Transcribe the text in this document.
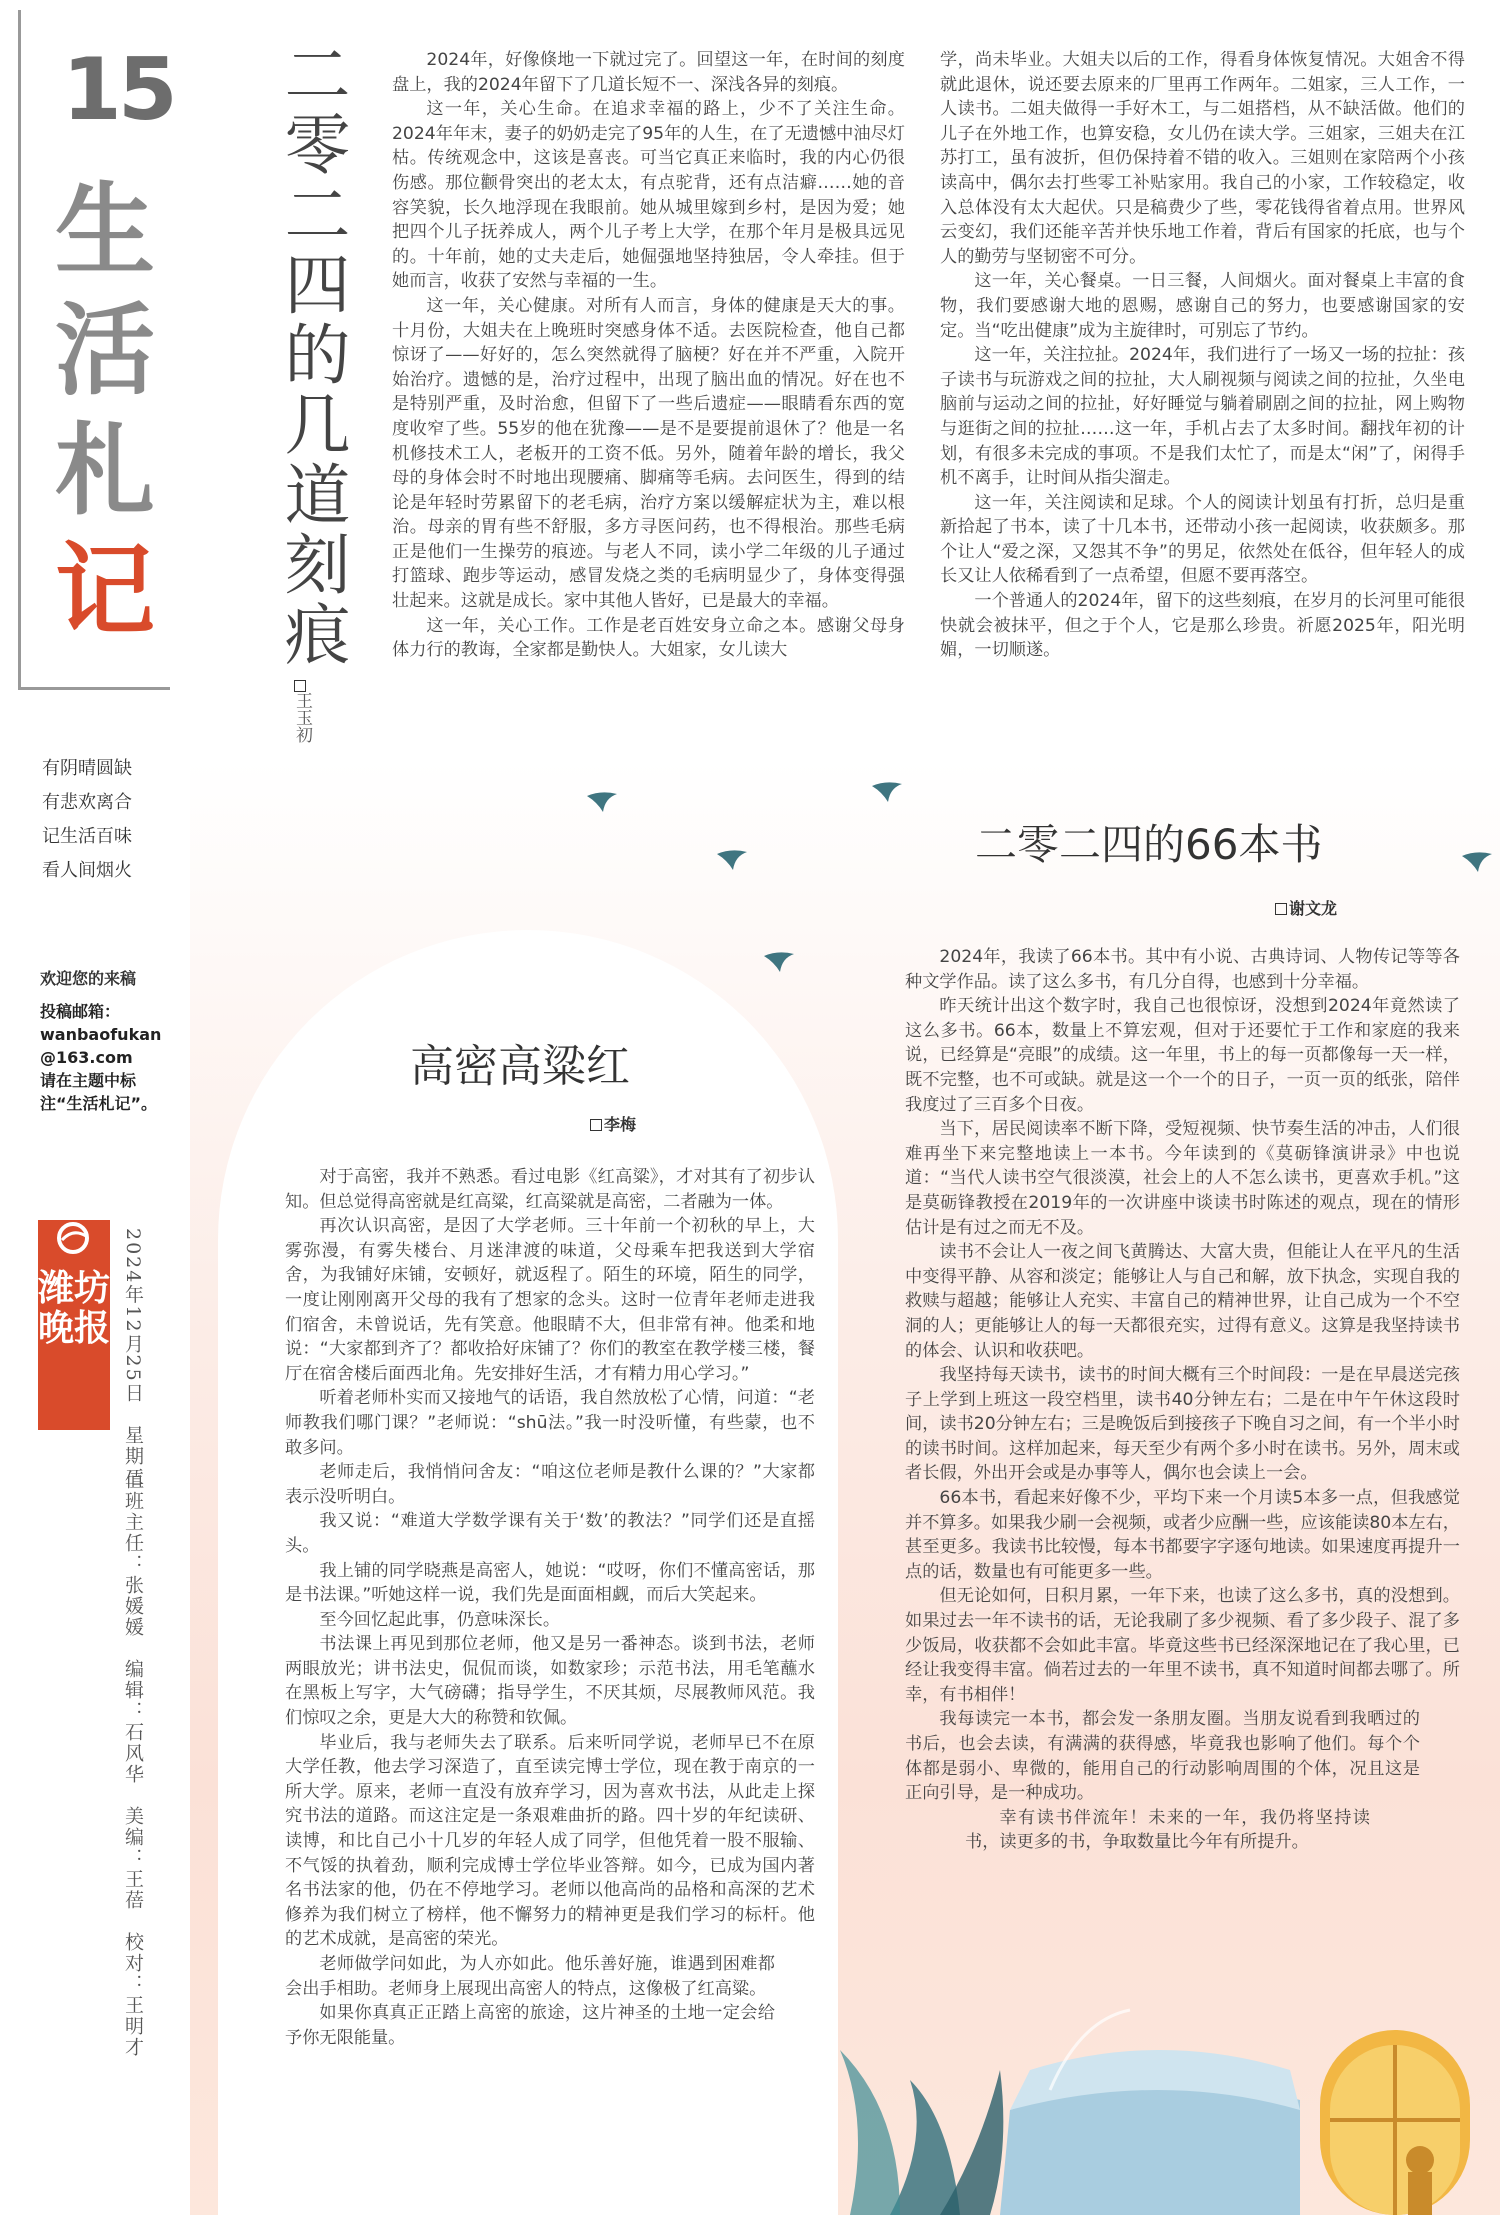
15
生
活
札
记
有阴晴圆缺
有悲欢离合
记生活百味
看人间烟火
欢迎您的来稿
投稿邮箱：
wanbaofukan
@163.com
请在主题中标注“生活札记”。
潍坊晚报 2024年12月25日　星期三
值班主任：张媛媛　编辑：石风华　美编：王蓓　校对：王明才
二零二四的几道刻痕
王玉初

2024年，好像倏地一下就过完了。回望这一年，在时间的刻度盘上，我的2024年留下了几道长短不一、深浅各异的刻痕。

这一年，关心生命。在追求幸福的路上，少不了关注生命。2024年年末，妻子的奶奶走完了95年的人生，在了无遗憾中油尽灯枯。传统观念中，这该是喜丧。可当它真正来临时，我的内心仍很伤感。那位颧骨突出的老太太，有点驼背，还有点洁癖……她的音容笑貌，长久地浮现在我眼前。她从城里嫁到乡村，是因为爱；她把四个儿子抚养成人，两个儿子考上大学，在那个年月是极具远见的。十年前，她的丈夫走后，她倔强地坚持独居，令人牵挂。但于她而言，收获了安然与幸福的一生。

这一年，关心健康。对所有人而言，身体的健康是天大的事。十月份，大姐夫在上晚班时突感身体不适。去医院检查，他自己都惊讶了——好好的，怎么突然就得了脑梗？好在并不严重，入院开始治疗。遗憾的是，治疗过程中，出现了脑出血的情况。好在也不是特别严重，及时治愈，但留下了一些后遗症——眼睛看东西的宽度收窄了些。55岁的他在犹豫——是不是要提前退休了？他是一名机修技术工人，老板开的工资不低。另外，随着年龄的增长，我父母的身体会时不时地出现腰痛、脚痛等毛病。去问医生，得到的结论是年轻时劳累留下的老毛病，治疗方案以缓解症状为主，难以根治。母亲的胃有些不舒服，多方寻医问药，也不得根治。那些毛病正是他们一生操劳的痕迹。与老人不同，读小学二年级的儿子通过打篮球、跑步等运动，感冒发烧之类的毛病明显少了，身体变得强壮起来。这就是成长。家中其他人皆好，已是最大的幸福。

这一年，关心工作。工作是老百姓安身立命之本。感谢父母身体力行的教诲，全家都是勤快人。大姐家，女儿读大

学，尚未毕业。大姐夫以后的工作，得看身体恢复情况。大姐舍不得就此退休，说还要去原来的厂里再工作两年。二姐家，三人工作，一人读书。二姐夫做得一手好木工，与二姐搭档，从不缺活做。他们的儿子在外地工作，也算安稳，女儿仍在读大学。三姐家，三姐夫在江苏打工，虽有波折，但仍保持着不错的收入。三姐则在家陪两个小孩读高中，偶尔去打些零工补贴家用。我自己的小家，工作较稳定，收入总体没有太大起伏。只是稿费少了些，零花钱得省着点用。世界风云变幻，我们还能辛苦并快乐地工作着，背后有国家的托底，也与个人的勤劳与坚韧密不可分。

这一年，关心餐桌。一日三餐，人间烟火。面对餐桌上丰富的食物，我们要感谢大地的恩赐，感谢自己的努力，也要感谢国家的安定。当“吃出健康”成为主旋律时，可别忘了节约。

这一年，关注拉扯。2024年，我们进行了一场又一场的拉扯：孩子读书与玩游戏之间的拉扯，大人刷视频与阅读之间的拉扯，久坐电脑前与运动之间的拉扯，好好睡觉与躺着刷剧之间的拉扯，网上购物与逛街之间的拉扯……这一年，手机占去了太多时间。翻找年初的计划，有很多未完成的事项。不是我们太忙了，而是太“闲”了，闲得手机不离手，让时间从指尖溜走。

这一年，关注阅读和足球。个人的阅读计划虽有打折，总归是重新拾起了书本，读了十几本书，还带动小孩一起阅读，收获颇多。那个让人“爱之深，又怨其不争”的男足，依然处在低谷，但年轻人的成长又让人依稀看到了一点希望，但愿不要再落空。

一个普通人的2024年，留下的这些刻痕，在岁月的长河里可能很快就会被抹平，但之于个人，它是那么珍贵。祈愿2025年，阳光明媚，一切顺遂。

二零二四的66本书
谢文龙

2024年，我读了66本书。其中有小说、古典诗词、人物传记等等各种文学作品。读了这么多书，有几分自得，也感到十分幸福。

昨天统计出这个数字时，我自己也很惊讶，没想到2024年竟然读了这么多书。66本，数量上不算宏观，但对于还要忙于工作和家庭的我来说，已经算是“亮眼”的成绩。这一年里，书上的每一页都像每一天一样，既不完整，也不可或缺。就是这一个一个的日子，一页一页的纸张，陪伴我度过了三百多个日夜。

当下，居民阅读率不断下降，受短视频、快节奏生活的冲击，人们很难再坐下来完整地读上一本书。今年读到的《莫砺锋演讲录》中也说道：“当代人读书空气很淡漠，社会上的人不怎么读书，更喜欢手机。”这是莫砺锋教授在2019年的一次讲座中谈读书时陈述的观点，现在的情形估计是有过之而无不及。

读书不会让人一夜之间飞黄腾达、大富大贵，但能让人在平凡的生活中变得平静、从容和淡定；能够让人与自己和解，放下执念，实现自我的救赎与超越；能够让人充实、丰富自己的精神世界，让自己成为一个不空洞的人；更能够让人的每一天都很充实，过得有意义。这算是我坚持读书的体会、认识和收获吧。

我坚持每天读书，读书的时间大概有三个时间段：一是在早晨送完孩子上学到上班这一段空档里，读书40分钟左右；二是在中午午休这段时间，读书20分钟左右；三是晚饭后到接孩子下晚自习之间，有一个半小时的读书时间。这样加起来，每天至少有两个多小时在读书。另外，周末或者长假，外出开会或是办事等人，偶尔也会读上一会。

66本书，看起来好像不少，平均下来一个月读5本多一点，但我感觉并不算多。如果我少刷一会视频，或者少应酬一些，应该能读80本左右，甚至更多。我读书比较慢，每本书都要字字逐句地读。如果速度再提升一点的话，数量也有可能更多一些。

但无论如何，日积月累，一年下来，也读了这么多书，真的没想到。如果过去一年不读书的话，无论我刷了多少视频、看了多少段子、混了多少饭局，收获都不会如此丰富。毕竟这些书已经深深地记在了我心里，已经让我变得丰富。倘若过去的一年里不读书，真不知道时间都去哪了。所幸，有书相伴！

我每读完一本书，都会发一条朋友圈。当朋友说看到我晒过的书后，也会去读，有满满的获得感，毕竟我也影响了他们。每个个体都是弱小、卑微的，能用自己的行动影响周围的个体，况且这是正向引导，是一种成功。

幸有读书伴流年！未来的一年，我仍将坚持读书，读更多的书，争取数量比今年有所提升。

高密高粱红
李梅

对于高密，我并不熟悉。看过电影《红高粱》，才对其有了初步认知。但总觉得高密就是红高粱，红高粱就是高密，二者融为一体。

再次认识高密，是因了大学老师。三十年前一个初秋的早上，大雾弥漫，有雾失楼台、月迷津渡的味道，父母乘车把我送到大学宿舍，为我铺好床铺，安顿好，就返程了。陌生的环境，陌生的同学，一度让刚刚离开父母的我有了想家的念头。这时一位青年老师走进我们宿舍，未曾说话，先有笑意。他眼睛不大，但非常有神。他柔和地说：“大家都到齐了？都收拾好床铺了？你们的教室在教学楼三楼，餐厅在宿舍楼后面西北角。先安排好生活，才有精力用心学习。”

听着老师朴实而又接地气的话语，我自然放松了心情，问道：“老师教我们哪门课？”老师说：“shū法。”我一时没听懂，有些蒙，也不敢多问。

老师走后，我悄悄问舍友：“咱这位老师是教什么课的？”大家都表示没听明白。

我又说：“难道大学数学课有关于‘数’的教法？”同学们还是直摇头。

我上铺的同学晓燕是高密人，她说：“哎呀，你们不懂高密话，那是书法课。”听她这样一说，我们先是面面相觑，而后大笑起来。

至今回忆起此事，仍意味深长。

书法课上再见到那位老师，他又是另一番神态。谈到书法，老师两眼放光；讲书法史，侃侃而谈，如数家珍；示范书法，用毛笔蘸水在黑板上写字，大气磅礴；指导学生，不厌其烦，尽展教师风范。我们惊叹之余，更是大大的称赞和钦佩。

毕业后，我与老师失去了联系。后来听同学说，老师早已不在原大学任教，他去学习深造了，直至读完博士学位，现在教于南京的一所大学。原来，老师一直没有放弃学习，因为喜欢书法，从此走上探究书法的道路。而这注定是一条艰难曲折的路。四十岁的年纪读研、读博，和比自己小十几岁的年轻人成了同学，但他凭着一股不服输、不气馁的执着劲，顺利完成博士学位毕业答辩。如今，已成为国内著名书法家的他，仍在不停地学习。老师以他高尚的品格和高深的艺术修养为我们树立了榜样，他不懈努力的精神更是我们学习的标杆。他的艺术成就，是高密的荣光。

老师做学问如此，为人亦如此。他乐善好施，谁遇到困难都会出手相助。老师身上展现出高密人的特点，这像极了红高粱。

如果你真真正正踏上高密的旅途，这片神圣的土地一定会给予你无限能量。
